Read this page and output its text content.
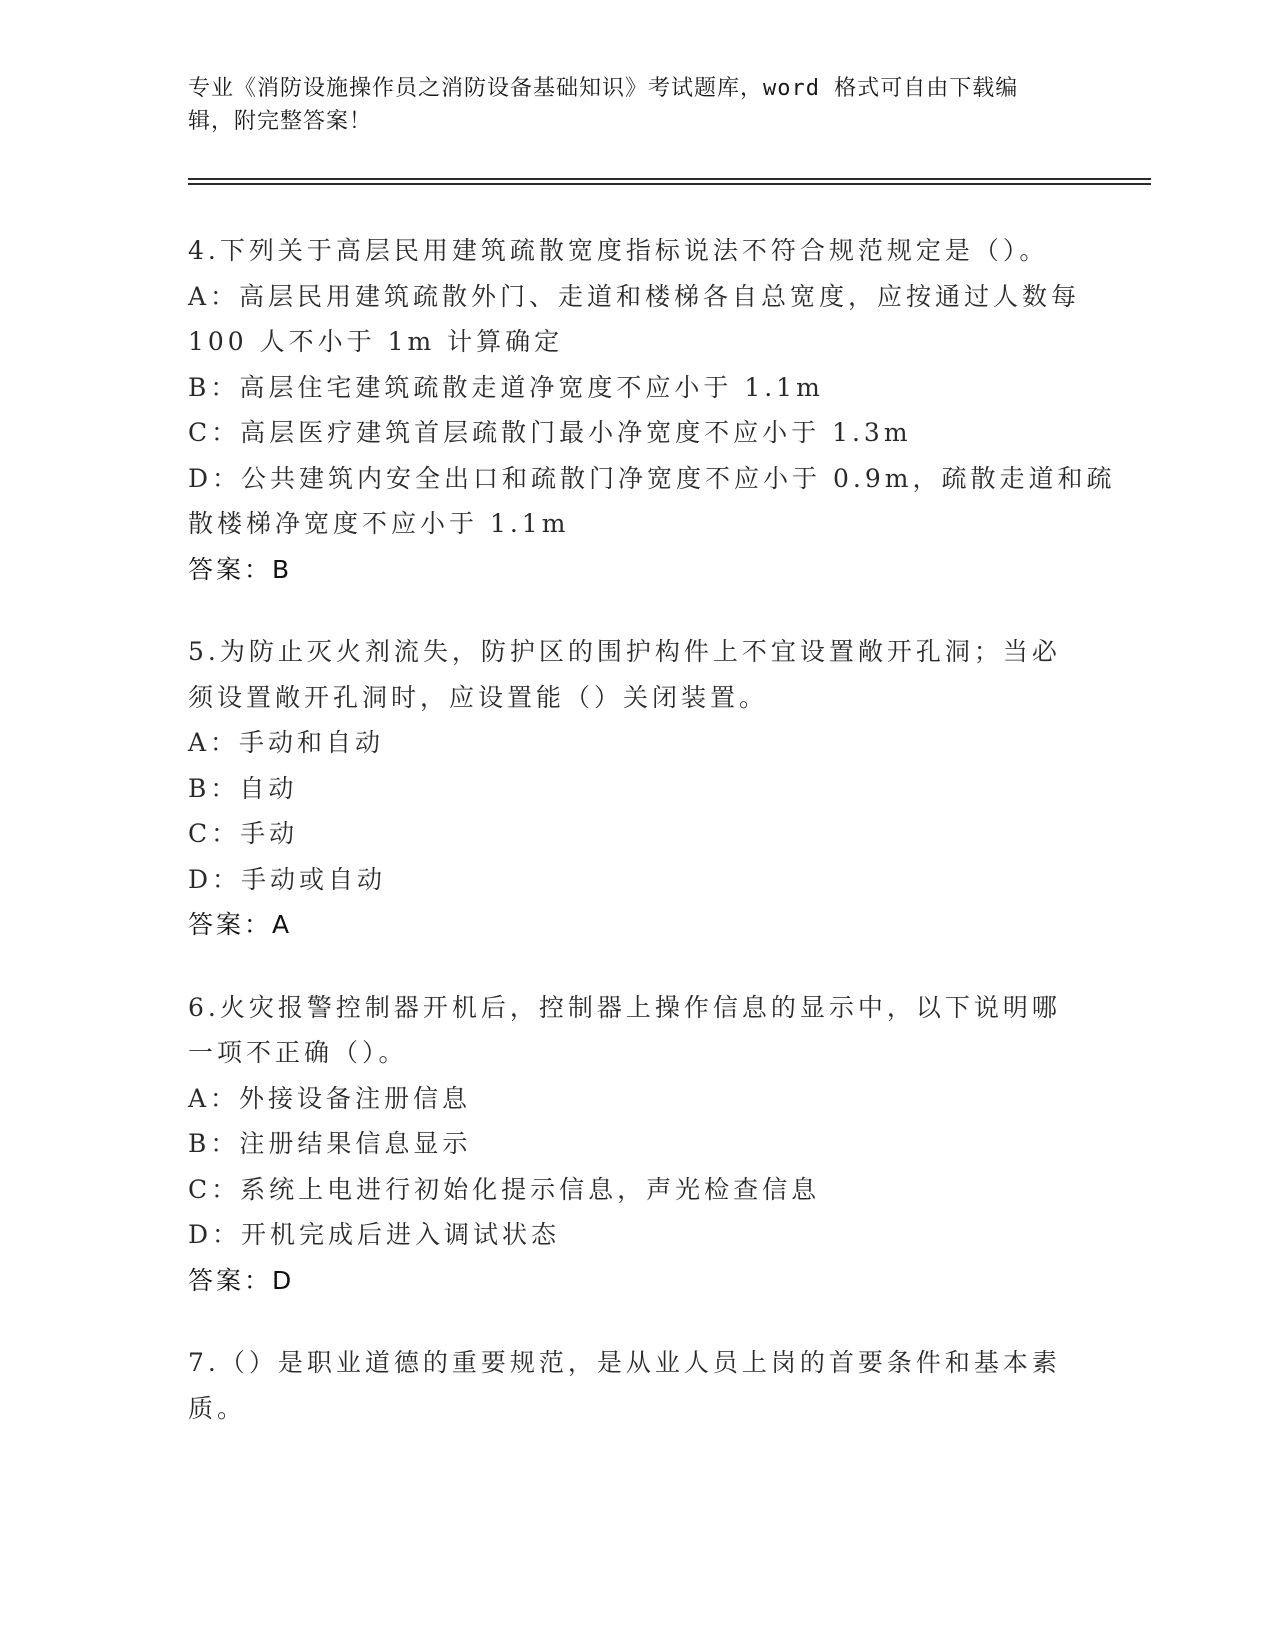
专业《消防设施操作员之消防设备基础知识》考试题库，word 格式可自由下载编
辑，附完整答案！
4.下列关于高层民用建筑疏散宽度指标说法不符合规范规定是（）。
A：高层民用建筑疏散外门、走道和楼梯各自总宽度，应按通过人数每
100 人不小于 1m 计算确定
B：高层住宅建筑疏散走道净宽度不应小于 1.1m
C：高层医疗建筑首层疏散门最小净宽度不应小于 1.3m
D：公共建筑内安全出口和疏散门净宽度不应小于 0.9m，疏散走道和疏
散楼梯净宽度不应小于 1.1m
答案：B
5.为防止灭火剂流失，防护区的围护构件上不宜设置敞开孔洞；当必
须设置敞开孔洞时，应设置能（）关闭装置。
A：手动和自动
B：自动
C：手动
D：手动或自动
答案：A
6.火灾报警控制器开机后，控制器上操作信息的显示中，以下说明哪
一项不正确（）。
A：外接设备注册信息
B：注册结果信息显示
C：系统上电进行初始化提示信息，声光检查信息
D：开机完成后进入调试状态
答案：D
7.（）是职业道德的重要规范，是从业人员上岗的首要条件和基本素
质。
